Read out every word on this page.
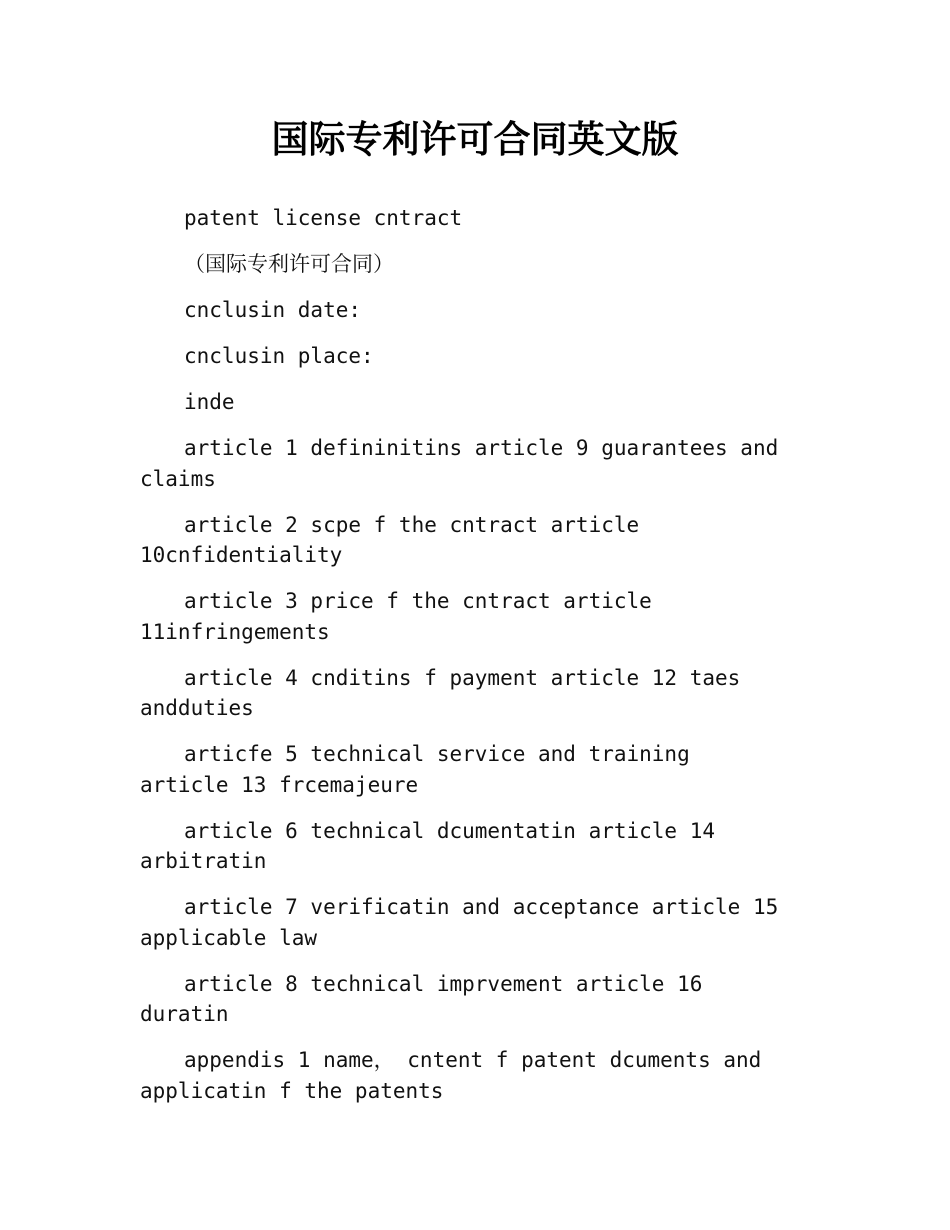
国际专利许可合同英文版

patent license cntract

（国际专利许可合同）

cnclusin date:

cnclusin place:

inde

article 1 defininitins article 9 guarantees and claims

article 2 scpe f the cntract article 10cnfidentiality

article 3 price f the cntract article 11infringements

article 4 cnditins f payment article 12 taes andduties

articfe 5 technical service and training article 13 frcemajeure

article 6 technical dcumentatin article 14 arbitratin

article 7 verificatin and acceptance article 15 applicable law

article 8 technical imprvement article 16 duratin

appendis 1 name， cntent f patent dcuments and applicatin f the patents
